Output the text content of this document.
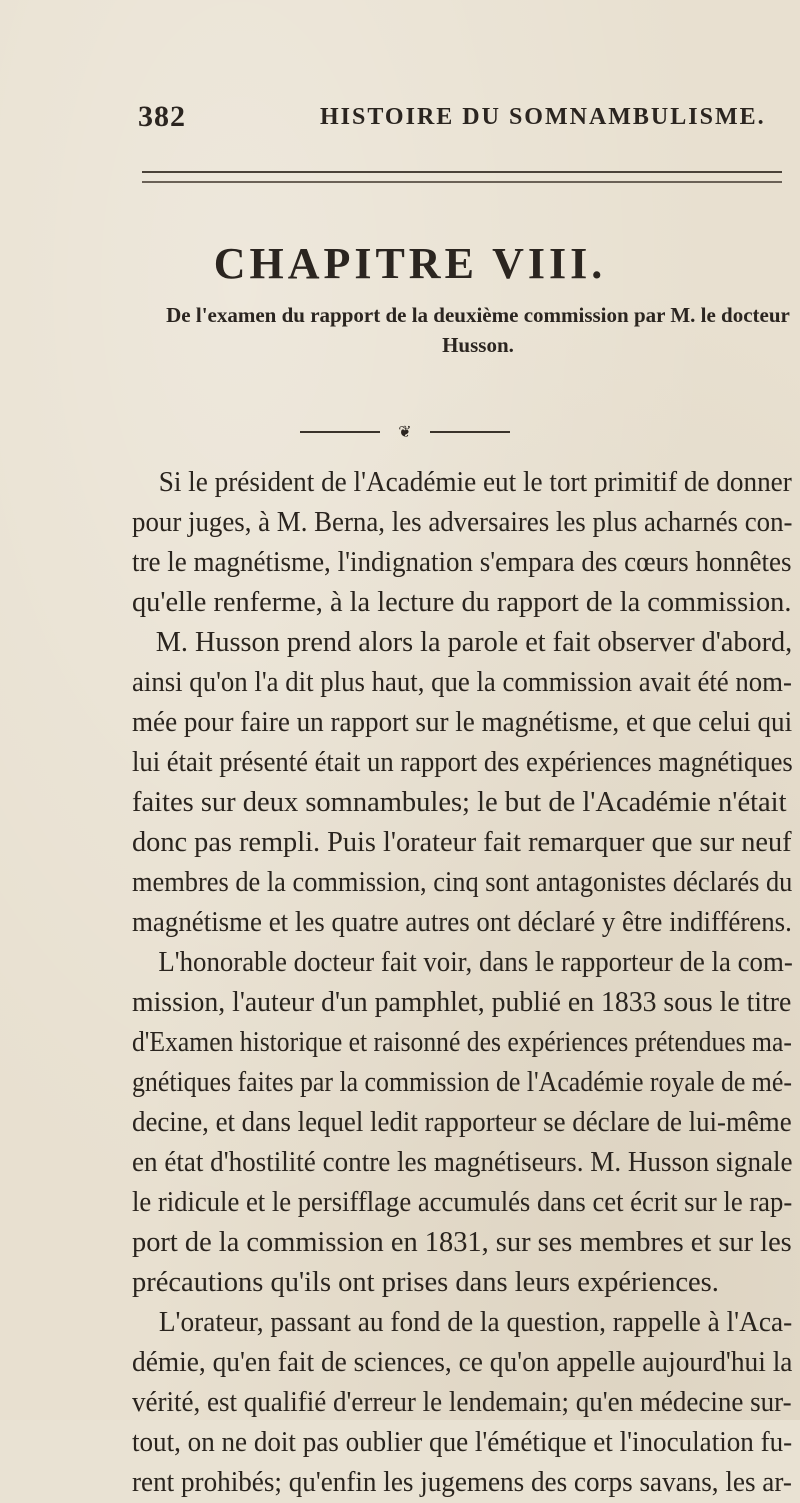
382	HISTOIRE DU SOMNAMBULISME.
CHAPITRE VIII.
De l'examen du rapport de la deuxième commission par M. le docteur Husson.
❦
Si le président de l'Académie eut le tort primitif de donner
pour juges, à M. Berna, les adversaires les plus acharnés con-
tre le magnétisme, l'indignation s'empara des cœurs honnêtes
qu'elle renferme, à la lecture du rapport de la commission.
M. Husson prend alors la parole et fait observer d'abord,
ainsi qu'on l'a dit plus haut, que la commission avait été nom-
mée pour faire un rapport sur le magnétisme, et que celui qui
lui était présenté était un rapport des expériences magnétiques
faites sur deux somnambules; le but de l'Académie n'était
donc pas rempli. Puis l'orateur fait remarquer que sur neuf
membres de la commission, cinq sont antagonistes déclarés du
magnétisme et les quatre autres ont déclaré y être indifférens.
L'honorable docteur fait voir, dans le rapporteur de la com-
mission, l'auteur d'un pamphlet, publié en 1833 sous le titre
d'Examen historique et raisonné des expériences prétendues ma-
gnétiques faites par la commission de l'Académie royale de mé-
decine, et dans lequel ledit rapporteur se déclare de lui-même
en état d'hostilité contre les magnétiseurs. M. Husson signale
le ridicule et le persifflage accumulés dans cet écrit sur le rap-
port de la commission en 1831, sur ses membres et sur les
précautions qu'ils ont prises dans leurs expériences.
L'orateur, passant au fond de la question, rappelle à l'Aca-
démie, qu'en fait de sciences, ce qu'on appelle aujourd'hui la
vérité, est qualifié d'erreur le lendemain; qu'en médecine sur-
tout, on ne doit pas oublier que l'émétique et l'inoculation fu-
rent prohibés; qu'enfin les jugemens des corps savans, les ar-
